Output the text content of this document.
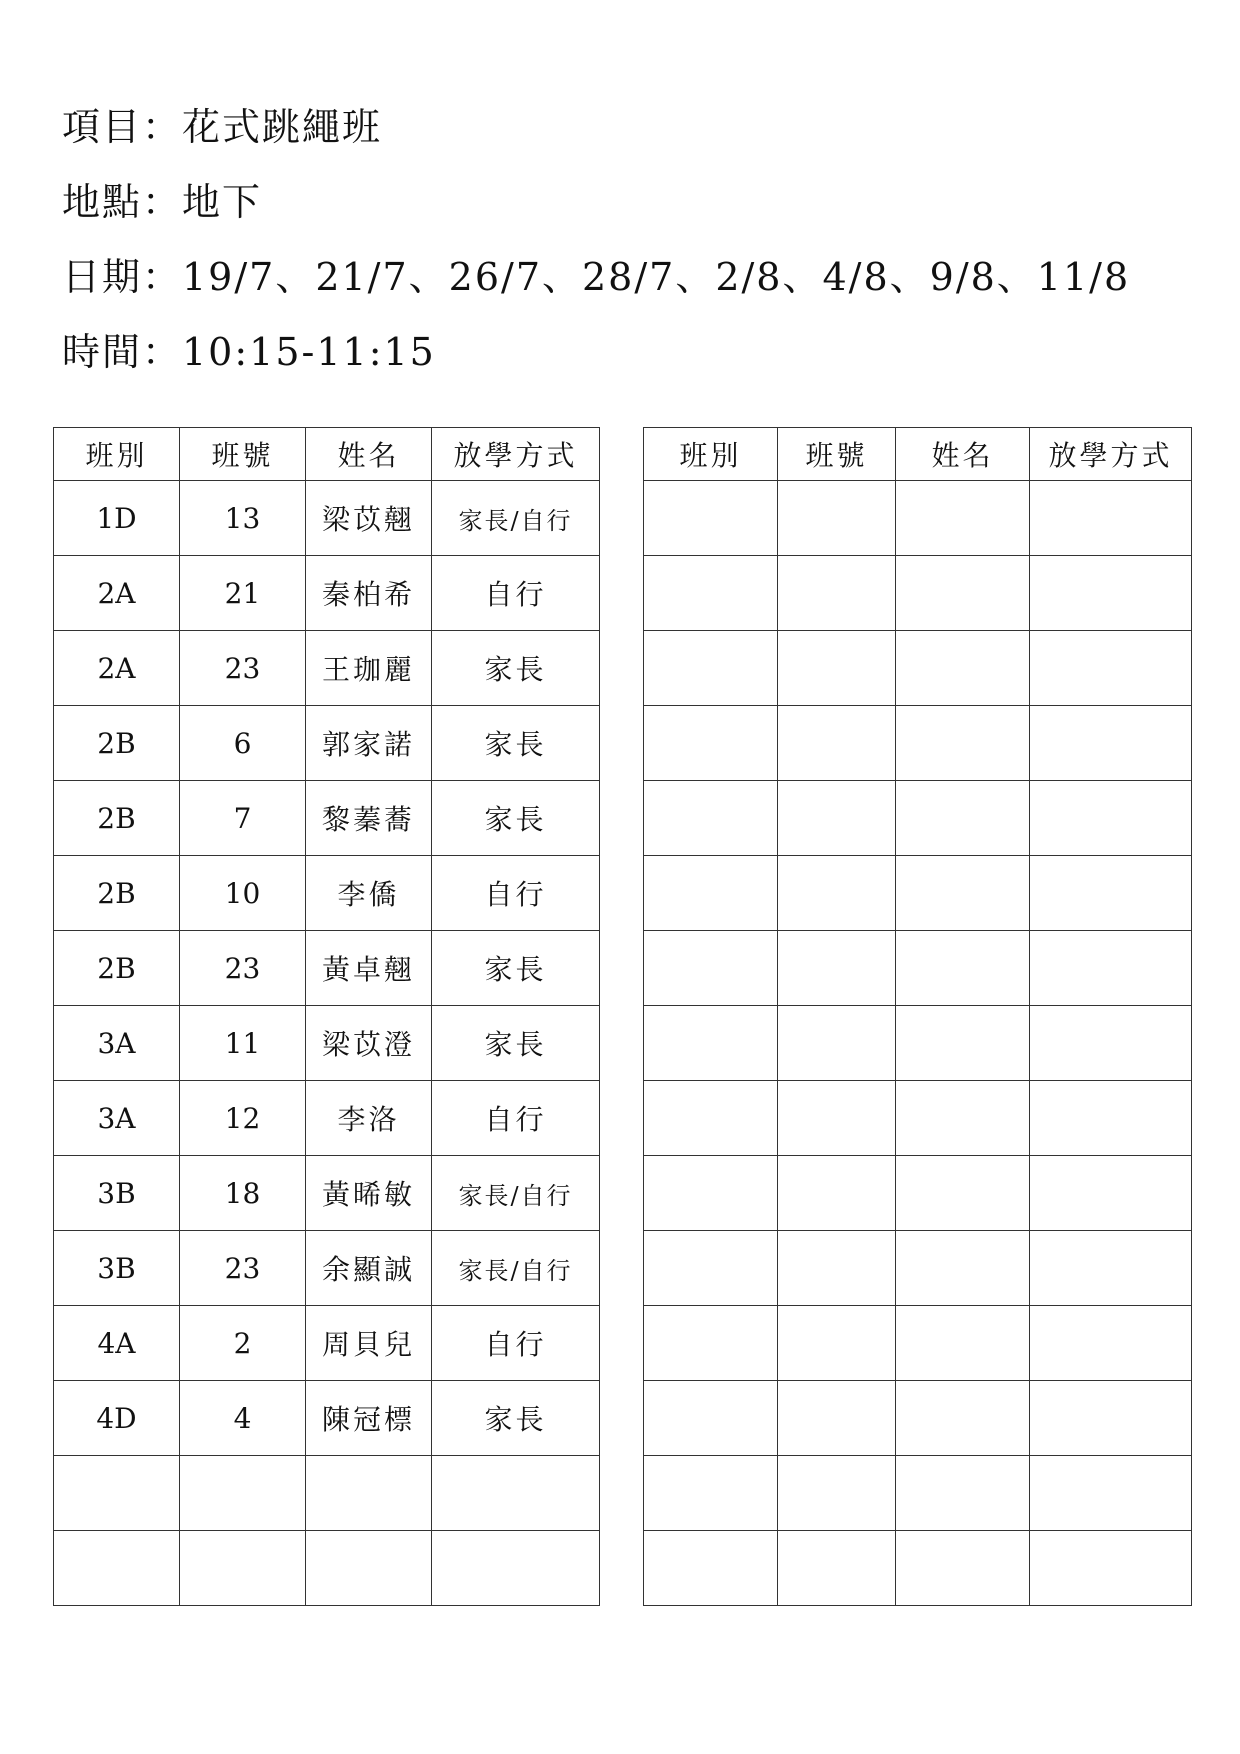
項目：花式跳繩班
地點：地下
日期：19/7、21/7、26/7、28/7、2/8、4/8、9/8、11/8
時間：10:15-11:15
班別	班號	姓名	放學方式
1D	13	梁苡翹	家長/自行
2A	21	秦柏希	自行
2A	23	王珈麗	家長
2B	6	郭家諾	家長
2B	7	黎蓁蕎	家長
2B	10	李僑	自行
2B	23	黃卓翹	家長
3A	11	梁苡澄	家長
3A	12	李洛	自行
3B	18	黃晞敏	家長/自行
3B	23	余顯誠	家長/自行
4A	2	周貝兒	自行
4D	4	陳冠標	家長

班別	班號	姓名	放學方式
